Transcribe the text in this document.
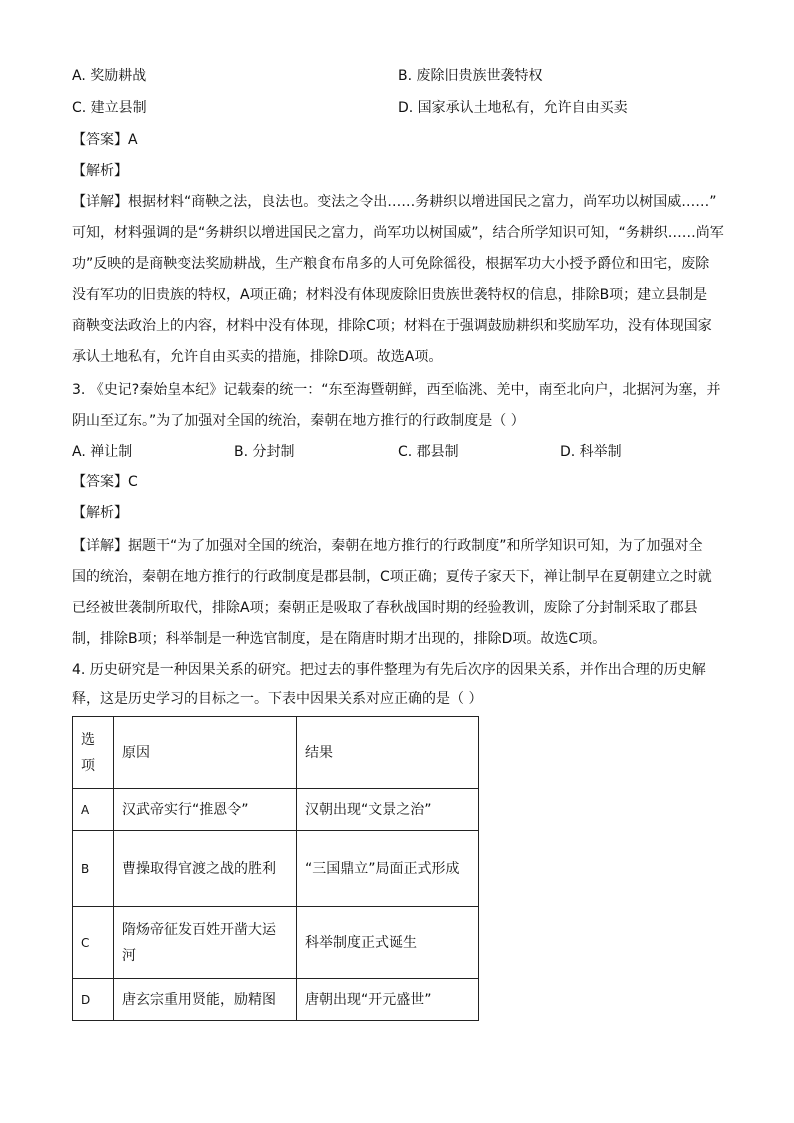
A. 奖励耕战	B. 废除旧贵族世袭特权
C. 建立县制	D. 国家承认土地私有，允许自由买卖
【答案】A
【解析】
【详解】根据材料“商鞅之法，良法也。变法之令出……务耕织以增进国民之富力，尚军功以树国威……”
可知，材料强调的是“务耕织以增进国民之富力，尚军功以树国威”，结合所学知识可知，“务耕织……尚军
功”反映的是商鞅变法奖励耕战，生产粮食布帛多的人可免除徭役，根据军功大小授予爵位和田宅，废除
没有军功的旧贵族的特权，A项正确；材料没有体现废除旧贵族世袭特权的信息，排除B项；建立县制是
商鞅变法政治上的内容，材料中没有体现，排除C项；材料在于强调鼓励耕织和奖励军功，没有体现国家
承认土地私有，允许自由买卖的措施，排除D项。故选A项。
3. 《史记?秦始皇本纪》记载秦的统一：“东至海暨朝鲜，西至临洮、羌中，南至北向户，北据河为塞，并
阴山至辽东。”为了加强对全国的统治，秦朝在地方推行的行政制度是（ ）
A. 禅让制	B. 分封制	C. 郡县制	D. 科举制
【答案】C
【解析】
【详解】据题干“为了加强对全国的统治，秦朝在地方推行的行政制度”和所学知识可知，为了加强对全
国的统治，秦朝在地方推行的行政制度是郡县制，C项正确；夏传子家天下，禅让制早在夏朝建立之时就
已经被世袭制所取代，排除A项；秦朝正是吸取了春秋战国时期的经验教训，废除了分封制采取了郡县
制，排除B项；科举制是一种选官制度，是在隋唐时期才出现的，排除D项。故选C项。
4. 历史研究是一种因果关系的研究。把过去的事件整理为有先后次序的因果关系，并作出合理的历史解
释，这是历史学习的目标之一。下表中因果关系对应正确的是（ ）
选项	原因	结果
A	汉武帝实行“推恩令”	汉朝出现“文景之治”
B	曹操取得官渡之战的胜利	“三国鼎立”局面正式形成
C	隋炀帝征发百姓开凿大运河	科举制度正式诞生
D	唐玄宗重用贤能，励精图	唐朝出现“开元盛世”
